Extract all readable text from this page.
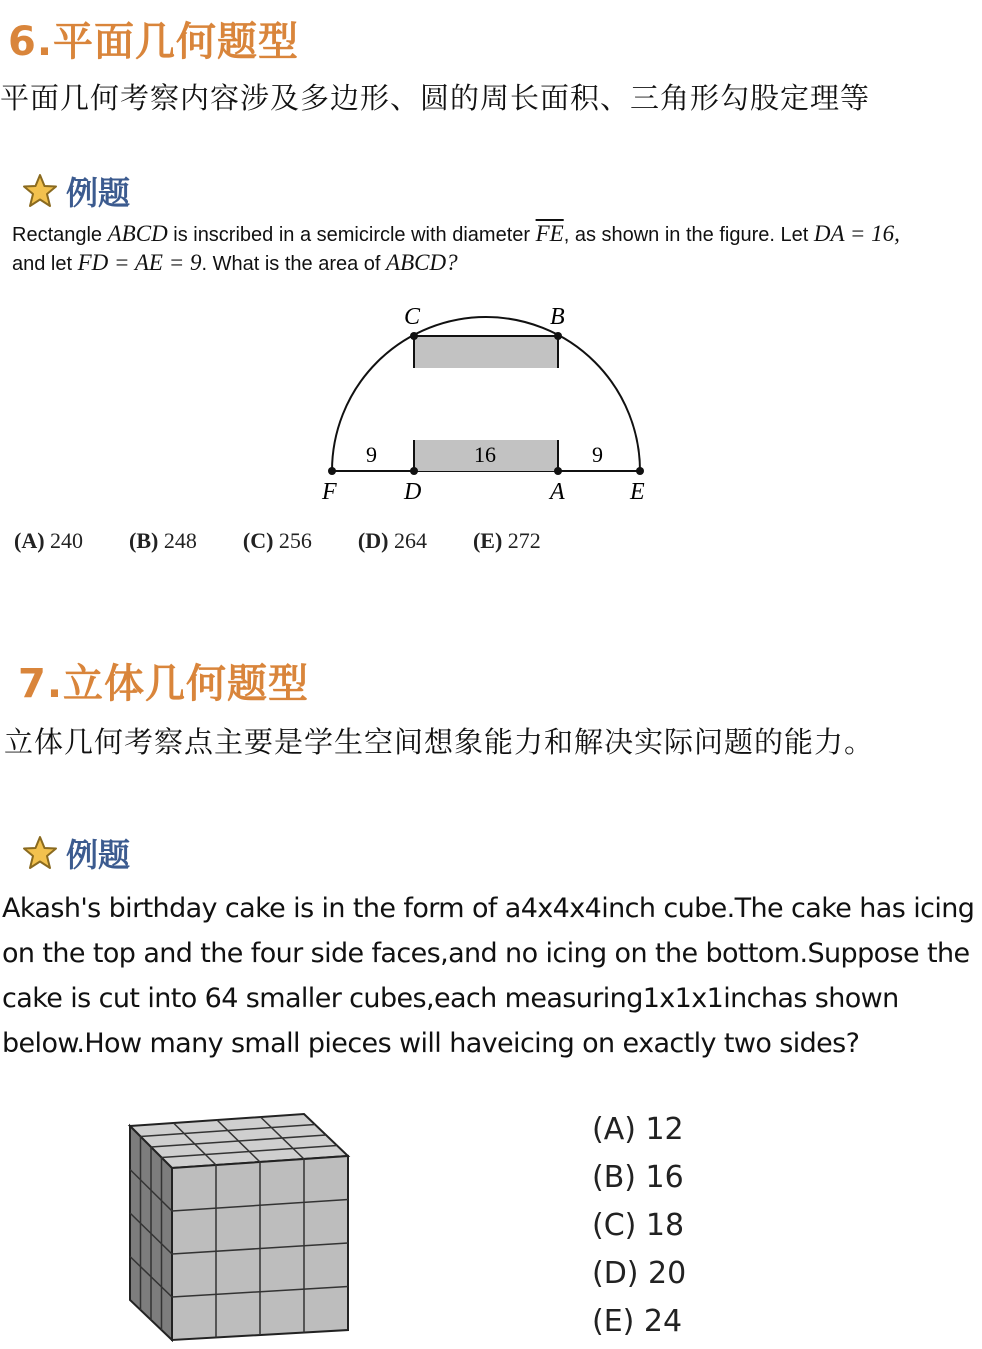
6.平面几何题型
平面几何考察内容涉及多边形、圆的周长面积、三角形勾股定理等
例题
Rectangle ABCD is inscribed in a semicircle with diameter $\overline{FE}$, as shown in the figure. Let DA = 16,
and let FD = AE = 9. What is the area of ABCD?
C	B
F	D	A	E
9	16	9
(A) 240 (B) 248 (C) 256 (D) 264 (E) 272
7.立体几何题型
立体几何考察点主要是学生空间想象能力和解决实际问题的能力。
例题
Akash's birthday cake is in the form of a4x4x4inch cube.The cake has icing
on the top and the four side faces,and no icing on the bottom.Suppose the
cake is cut into 64 smaller cubes,each measuring1x1x1inchas shown
below.How many small pieces will haveicing on exactly two sides?
(A) 12
(B) 16
(C) 18
(D) 20
(E) 24
